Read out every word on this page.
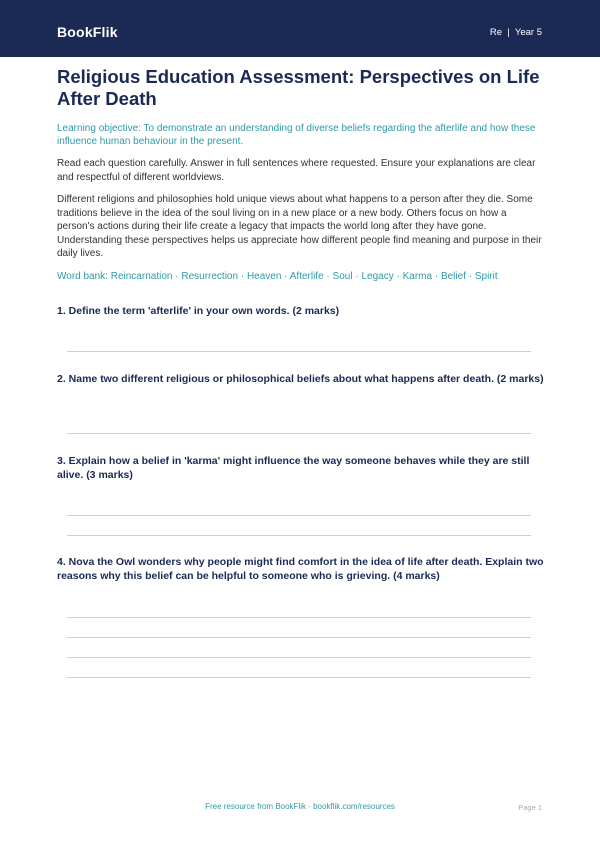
BookFlik	Re | Year 5
Religious Education Assessment: Perspectives on Life After Death

Learning objective: To demonstrate an understanding of diverse beliefs regarding the afterlife and how these influence human behaviour in the present.

Read each question carefully. Answer in full sentences where requested. Ensure your explanations are clear and respectful of different worldviews.

Different religions and philosophies hold unique views about what happens to a person after they die. Some traditions believe in the idea of the soul living on in a new place or a new body. Others focus on how a person's actions during their life create a legacy that impacts the world long after they have gone. Understanding these perspectives helps us appreciate how different people find meaning and purpose in their daily lives.

Word bank: Reincarnation · Resurrection · Heaven · Afterlife · Soul · Legacy · Karma · Belief · Spirit

1. Define the term 'afterlife' in your own words. (2 marks)
2. Name two different religious or philosophical beliefs about what happens after death. (2 marks)
3. Explain how a belief in 'karma' might influence the way someone behaves while they are still alive. (3 marks)
4. Nova the Owl wonders why people might find comfort in the idea of life after death. Explain two reasons why this belief can be helpful to someone who is grieving. (4 marks)
Free resource from BookFlik · bookflik.com/resources	Page 1
